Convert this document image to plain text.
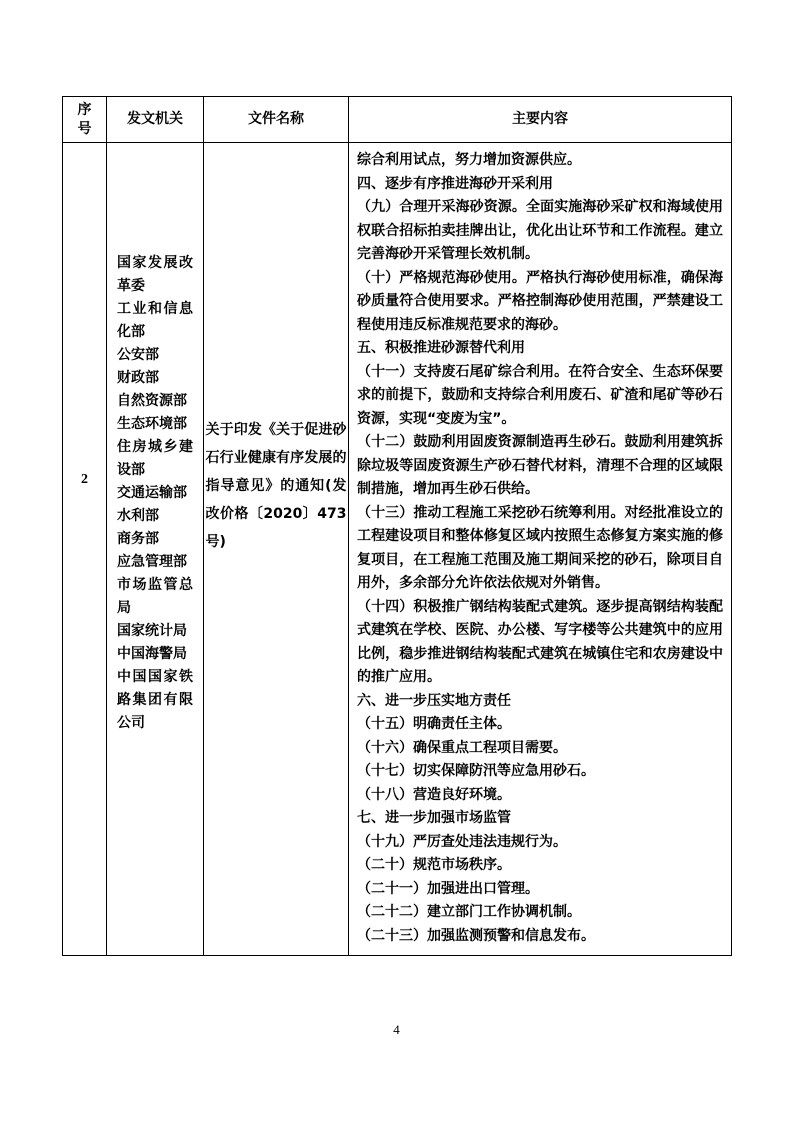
序号
发文机关	文件名称	主要内容
2
国家发展改革委
工业和信息化部
公安部
财政部
自然资源部
生态环境部
住房城乡建设部
交通运输部
水利部
商务部
应急管理部
市场监管总局
国家统计局
中国海警局
中国国家铁路集团有限公司
关于印发《关于促进砂石行业健康有序发展的指导意见》的通知(发改价格〔2020〕473号)
综合利用试点，努力增加资源供应。
四、逐步有序推进海砂开采利用
（九）合理开采海砂资源。全面实施海砂采矿权和海域使用权联合招标拍卖挂牌出让，优化出让环节和工作流程。建立完善海砂开采管理长效机制。
（十）严格规范海砂使用。严格执行海砂使用标准，确保海砂质量符合使用要求。严格控制海砂使用范围，严禁建设工程使用违反标准规范要求的海砂。
五、积极推进砂源替代利用
（十一）支持废石尾矿综合利用。在符合安全、生态环保要求的前提下，鼓励和支持综合利用废石、矿渣和尾矿等砂石资源，实现“变废为宝”。
（十二）鼓励利用固废资源制造再生砂石。鼓励利用建筑拆除垃圾等固废资源生产砂石替代材料，清理不合理的区域限制措施，增加再生砂石供给。
（十三）推动工程施工采挖砂石统筹利用。对经批准设立的工程建设项目和整体修复区域内按照生态修复方案实施的修复项目，在工程施工范围及施工期间采挖的砂石，除项目自用外，多余部分允许依法依规对外销售。
（十四）积极推广钢结构装配式建筑。逐步提高钢结构装配式建筑在学校、医院、办公楼、写字楼等公共建筑中的应用比例，稳步推进钢结构装配式建筑在城镇住宅和农房建设中的推广应用。
六、进一步压实地方责任
（十五）明确责任主体。
（十六）确保重点工程项目需要。
（十七）切实保障防汛等应急用砂石。
（十八）营造良好环境。
七、进一步加强市场监管
（十九）严厉查处违法违规行为。
（二十）规范市场秩序。
（二十一）加强进出口管理。
（二十二）建立部门工作协调机制。
（二十三）加强监测预警和信息发布。
4
